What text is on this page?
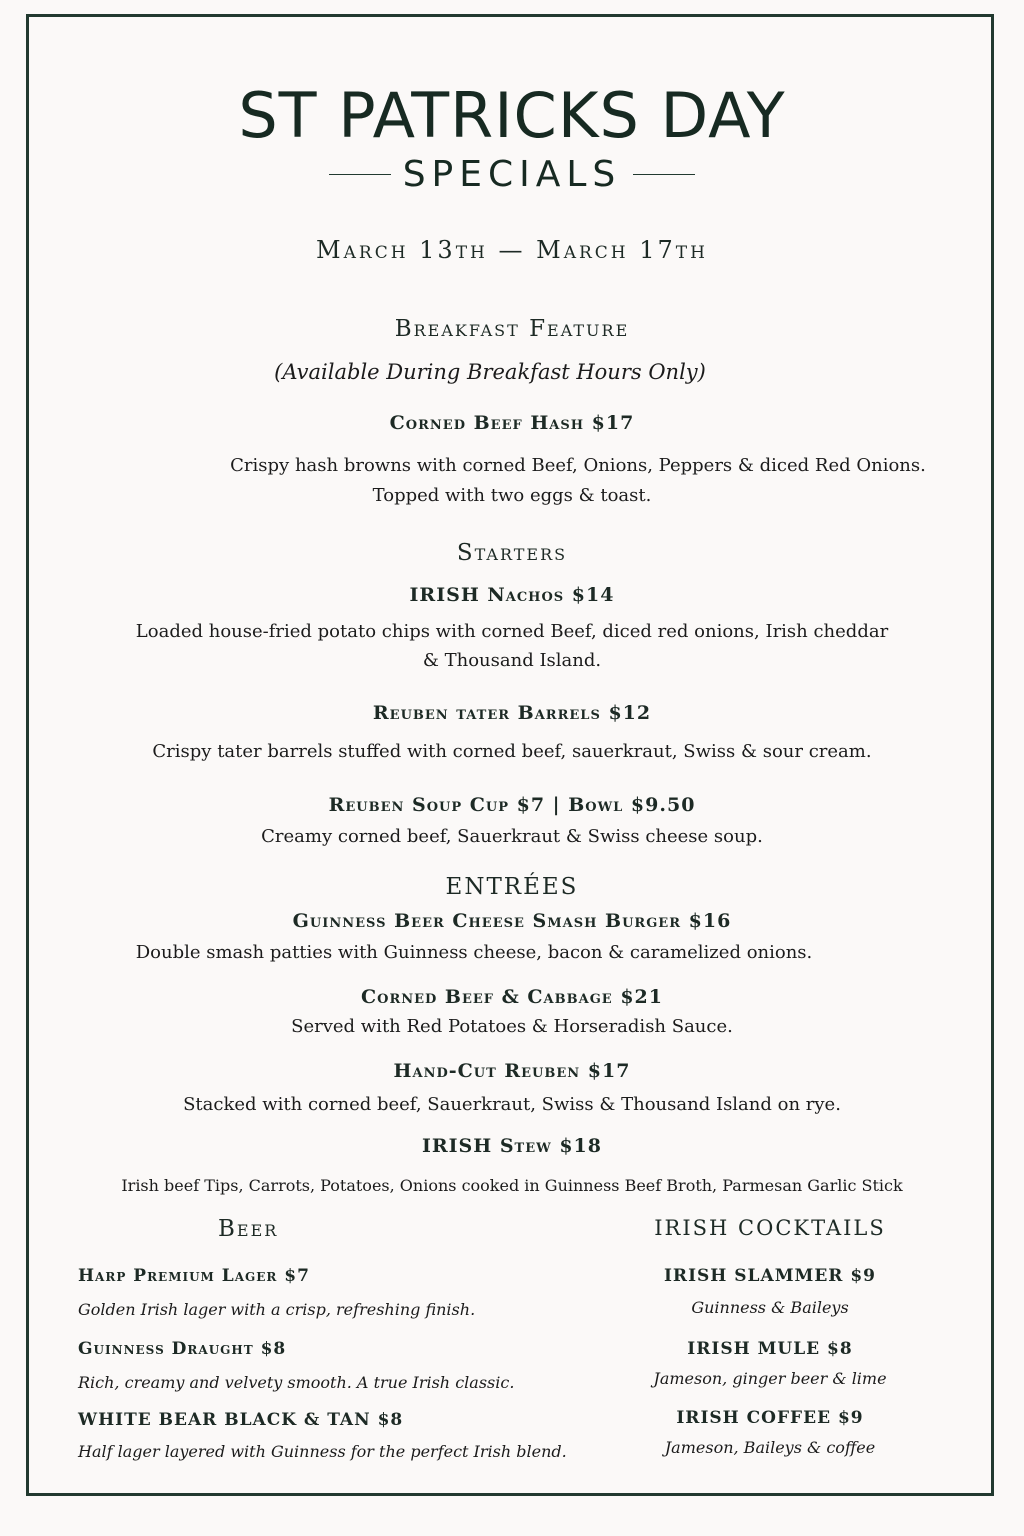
ST PATRICKS DAY
SPECIALS
March 13th — March 17th
Breakfast Feature
(Available During Breakfast Hours Only)
Corned Beef Hash $17
Crispy hash browns with corned Beef, Onions, Peppers & diced Red Onions.
Topped with two eggs & toast.
Starters
IRISH Nachos $14
Loaded house-fried potato chips with corned Beef, diced red onions, Irish cheddar
& Thousand Island.
Reuben tater Barrels $12
Crispy tater barrels stuffed with corned beef, sauerkraut, Swiss & sour cream.
Reuben Soup Cup $7 | Bowl $9.50
Creamy corned beef, Sauerkraut & Swiss cheese soup.
ENTRÉES
Guinness Beer Cheese Smash Burger $16
Double smash patties with Guinness cheese, bacon & caramelized onions.
Corned Beef & Cabbage $21
Served with Red Potatoes & Horseradish Sauce.
Hand-Cut Reuben $17
Stacked with corned beef, Sauerkraut, Swiss & Thousand Island on rye.
IRISH Stew $18
Irish beef Tips, Carrots, Potatoes, Onions cooked in Guinness Beef Broth, Parmesan Garlic Stick
Beer
Harp Premium Lager $7
Golden Irish lager with a crisp, refreshing finish.
Guinness Draught $8
Rich, creamy and velvety smooth. A true Irish classic.
WHITE BEAR BLACK & TAN $8
Half lager layered with Guinness for the perfect Irish blend.
IRISH COCKTAILS
IRISH SLAMMER $9
Guinness & Baileys
IRISH MULE $8
Jameson, ginger beer & lime
IRISH COFFEE $9
Jameson, Baileys & coffee
